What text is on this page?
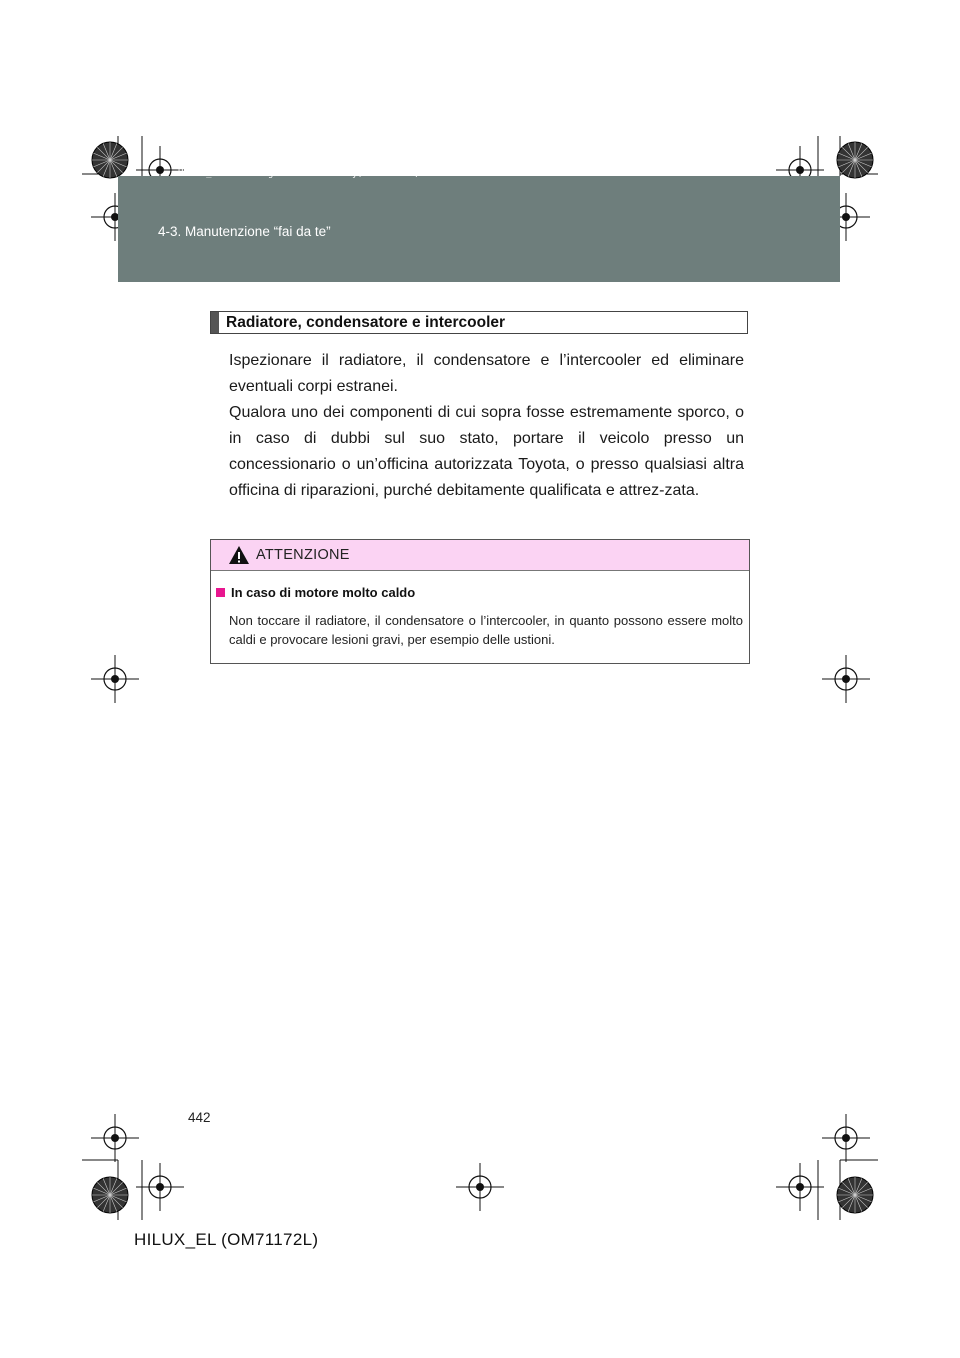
HILUX_EL.book Page 442 Wednesday, March 23, 2011 3:30 PM
4-3. Manutenzione “fai da te”
Radiatore, condensatore e intercooler

Ispezionare il radiatore, il condensatore e l’intercooler ed eliminare eventuali corpi estranei.

Qualora uno dei componenti di cui sopra fosse estremamente sporco, o in caso di dubbi sul suo stato, portare il veicolo presso un concessionario o un’officina autorizzata Toyota, o presso qualsiasi altra officina di riparazioni, purché debitamente qualificata e attrez-zata.

ATTENZIONE
In caso di motore molto caldo
Non toccare il radiatore, il condensatore o l’intercooler, in quanto possono essere molto caldi e provocare lesioni gravi, per esempio delle ustioni.
442
HILUX_EL (OM71172L)
